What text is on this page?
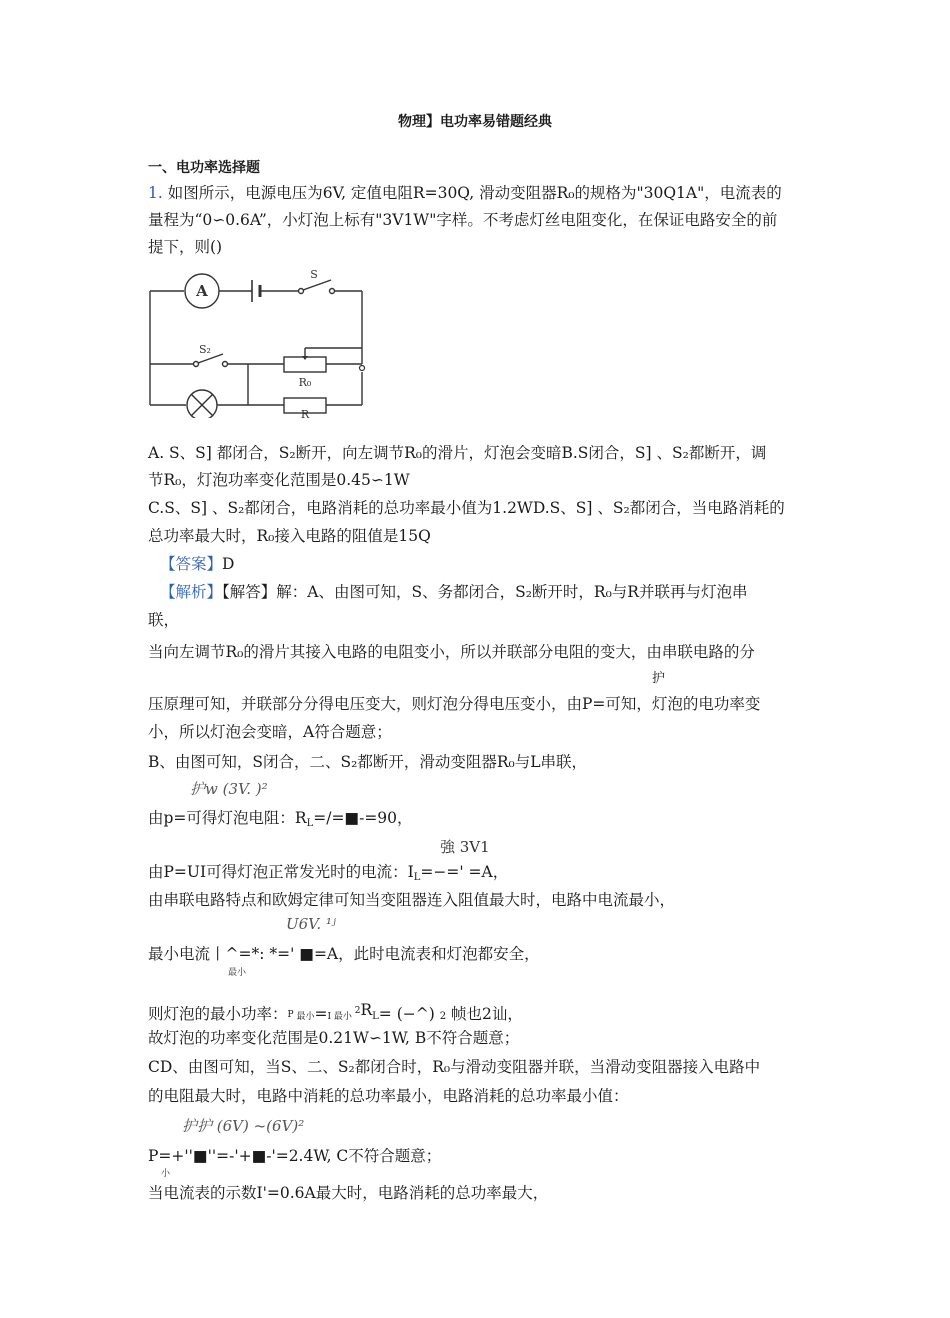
物理】电功率易错题经典
一、电功率选择题
1. 如图所示，电源电压为6V, 定值电阻R=30Q, 滑动变阻器R₀的规格为"30Q1A"，电流表的
量程为“0∽0.6A”，小灯泡上标有"3V1W"字样。不考虑灯丝电阻变化，在保证电路安全的前
提下，则()
A
S
S₂
R₀
R
A. S、S] 都闭合，S₂断开，向左调节R₀的滑片，灯泡会变暗B.S闭合，S] 、S₂都断开，调
节R₀，灯泡功率变化范围是0.45∽1W
C.S、S] 、S₂都闭合，电路消耗的总功率最小值为1.2WD.S、S] 、S₂都闭合，当电路消耗的
总功率最大时，R₀接入电路的阻值是15Q
【答案】D
【解析】【解答】解：A、由图可知，S、务都闭合，S₂断开时，R₀与R并联再与灯泡串
联，
当向左调节R₀的滑片其接入电路的电阻变小，所以并联部分电阻的变大，由串联电路的分
护
压原理可知，并联部分分得电压变大，则灯泡分得电压变小，由P=可知，灯泡的电功率变
小，所以灯泡会变暗，A符合题意；
B、由图可知，S闭合，二、S₂都断开，滑动变阻器R₀与L串联，
护w (3V. )²
由p=可得灯泡电阻：$R_L=/=■-=90$，
強 3V1
由P=UI可得灯泡正常发光时的电流：$I_L=-=' =A$，
由串联电路特点和欧姆定律可知当变阻器连入阻值最大时，电路中电流最小，
U6V. ¹ʲ
最小电流丨^=*: *=' ■=A，此时电流表和灯泡都安全，
最小
则灯泡的最小功率：P 最小=I 最小 $^2$RL= (−^) 2 帧也2讪，
故灯泡的功率变化范围是0.21W∽1W, B不符合题意；
CD、由图可知，当S、二、S₂都闭合时，R₀与滑动变阻器并联，当滑动变阻器接入电路中
的电阻最大时，电路中消耗的总功率最小，电路消耗的总功率最小值：
护护 (6V) ~(6V)²
P=+''■''=-'+■-'=2.4W, C不符合题意；
小
当电流表的示数I'=0.6A最大时，电路消耗的总功率最大，
